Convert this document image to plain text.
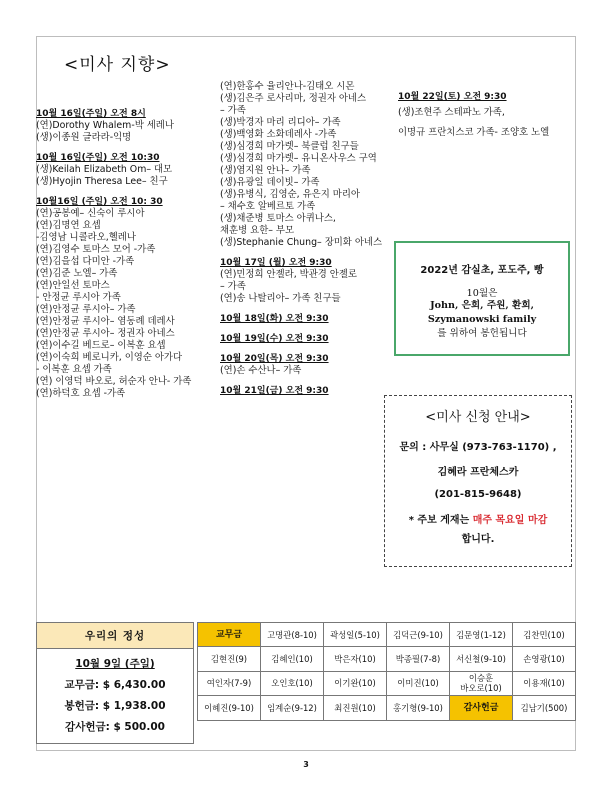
<미사 지향>
10월 16일(주일) 오전 8시
(연)Dorothy Whalem-박 세레나
(생)이종원 글라라-익명
10월 16일(주일) 오전 10:30
(생)Keilah Elizabeth Om– 대모
(생)Hyojin Theresa Lee– 친구
10월16일 (주일) 오전 10: 30
(연)공봉예– 신숙이 루시아
(연)김명연 요셉
-김영남 니콜라오,헬레나
(연)김영수 토마스 모어 -가족
(연)김을섭 다미안 -가족
(연)김준 노엘– 가족
(연)안일선 토마스
- 안정균 루시아 가족
(연)안정균 루시아– 가족
(연)안정균 루시아– 염동례 데레사
(연)안정균 루시아– 정권자 아네스
(연)이수길 베드로– 이복훈 요셉
(연)이숙희 베로니카, 이영순 아가다
- 이복훈 요셉 가족
(연) 이영덕 바오로, 허순자 안나- 가족
(연)하덕호 요셉 -가족
(연)한홍수 율리안나-김태오 시몬
(생)김은주 로사리마, 정권자 아네스
– 가족
(생)박경자 마리 리디아– 가족
(생)백영화 소화데레사 -가족
(생)심경희 마가렛– 북클럽 친구들
(생)심경희 마가렛– 유니온사우스 구역
(생)염지원 안나– 가족
(생)유광일 데이빗– 가족
(생)유병식, 김영순, 유은지 마리아
– 채수호 알베르토 가족
(생)채준병 토마스 아퀴나스,
채훈병 요한– 부모
(생)Stephanie Chung– 장미화 아네스
10월 17일 (월) 오전 9:30
(연)민정희 안젤라, 박관경 안젤로
– 가족
(연)송 나탈리아– 가족 친구들
10월 18일(화) 오전 9:30
10월 19일(수) 오전 9:30
10월 20일(목) 오전 9:30
(연)손 수산나– 가족
10월 21일(금) 오전 9:30
10월 22일(토) 오전 9:30
(생)조현주 스테파노 가족,
이명규 프란치스코 가족- 조양호 노엘
2022년 감실초, 포도주, 빵
10월은
John, 은희, 주원, 환희,
Szymanowski family
를 위하여 봉헌됩니다
<미사 신청 안내>
문의 : 사무실 (973-763-1170) ,
김혜라 프란체스카
(201-815-9648)
* 주보 게재는 매주 목요일 마감
합니다.
우리의 정성
10월 9일 (주일)
교무금: $ 6,430.00
봉헌금: $ 1,938.00
감사헌금: $ 500.00
교무금	고명관(8-10)	곽성일(5-10)	김덕근(9-10)	김문영(1-12)	김찬민(10)
김현진(9)	김혜인(10)	박은자(10)	박종필(7-8)	서신철(9-10)	손영광(10)
여인자(7-9)	오인호(10)	이기완(10)	이미진(10)	이승훈
바오로(10)	이용재(10)
이혜진(9-10)	임계순(9-12)	최진원(10)	홍기형(9-10)	감사헌금	김남기(500)
3
